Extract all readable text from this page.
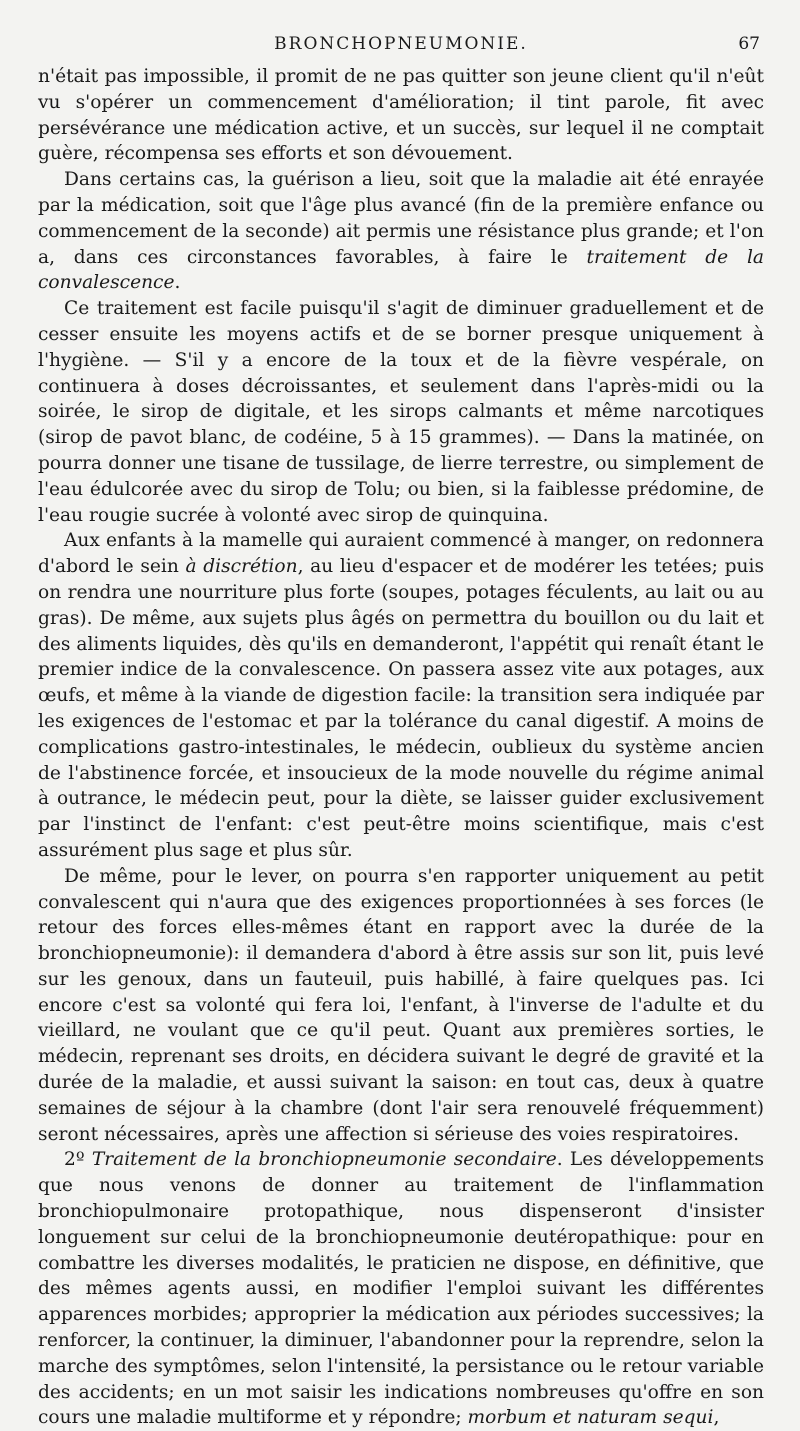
BRONCHOPNEUMONIE.	67

n'était pas impossible, il promit de ne pas quitter son jeune client qu'il n'eût vu s'opérer un commencement d'amélioration; il tint parole, fit avec persévérance une médication active, et un succès, sur lequel il ne comptait guère, récompensa ses efforts et son dévouement.

Dans certains cas, la guérison a lieu, soit que la maladie ait été enrayée par la médication, soit que l'âge plus avancé (fin de la première enfance ou commencement de la seconde) ait permis une résistance plus grande; et l'on a, dans ces circonstances favorables, à faire le traitement de la convalescence.

Ce traitement est facile puisqu'il s'agit de diminuer graduellement et de cesser ensuite les moyens actifs et de se borner presque uniquement à l'hygiène. — S'il y a encore de la toux et de la fièvre vespérale, on continuera à doses décroissantes, et seulement dans l'après-midi ou la soirée, le sirop de digitale, et les sirops calmants et même narcotiques (sirop de pavot blanc, de codéine, 5 à 15 grammes). — Dans la matinée, on pourra donner une tisane de tussilage, de lierre terrestre, ou simplement de l'eau édulcorée avec du sirop de Tolu; ou bien, si la faiblesse prédomine, de l'eau rougie sucrée à volonté avec sirop de quinquina.

Aux enfants à la mamelle qui auraient commencé à manger, on redonnera d'abord le sein à discrétion, au lieu d'espacer et de modérer les tetées; puis on rendra une nourriture plus forte (soupes, potages féculents, au lait ou au gras). De même, aux sujets plus âgés on permettra du bouillon ou du lait et des aliments liquides, dès qu'ils en demanderont, l'appétit qui renaît étant le premier indice de la convalescence. On passera assez vite aux potages, aux œufs, et même à la viande de digestion facile: la transition sera indiquée par les exigences de l'estomac et par la tolérance du canal digestif. A moins de complications gastro-intestinales, le médecin, oublieux du système ancien de l'abstinence forcée, et insoucieux de la mode nouvelle du régime animal à outrance, le médecin peut, pour la diète, se laisser guider exclusivement par l'instinct de l'enfant: c'est peut-être moins scientifique, mais c'est assurément plus sage et plus sûr.

De même, pour le lever, on pourra s'en rapporter uniquement au petit convalescent qui n'aura que des exigences proportionnées à ses forces (le retour des forces elles-mêmes étant en rapport avec la durée de la bronchiopneumonie): il demandera d'abord à être assis sur son lit, puis levé sur les genoux, dans un fauteuil, puis habillé, à faire quelques pas. Ici encore c'est sa volonté qui fera loi, l'enfant, à l'inverse de l'adulte et du vieillard, ne voulant que ce qu'il peut. Quant aux premières sorties, le médecin, reprenant ses droits, en décidera suivant le degré de gravité et la durée de la maladie, et aussi suivant la saison: en tout cas, deux à quatre semaines de séjour à la chambre (dont l'air sera renouvelé fréquemment) seront nécessaires, après une affection si sérieuse des voies respiratoires.

2º Traitement de la bronchiopneumonie secondaire. Les développements que nous venons de donner au traitement de l'inflammation bronchiopulmonaire protopathique, nous dispenseront d'insister longuement sur celui de la bronchiopneumonie deutéropathique: pour en combattre les diverses modalités, le praticien ne dispose, en définitive, que des mêmes agents aussi, en modifier l'emploi suivant les différentes apparences morbides; approprier la médication aux périodes successives; la renforcer, la continuer, la diminuer, l'abandonner pour la reprendre, selon la marche des symptômes, selon l'intensité, la persistance ou le retour variable des accidents; en un mot saisir les indications nombreuses qu'offre en son cours une maladie multiforme et y répondre; morbum et naturam sequi,
